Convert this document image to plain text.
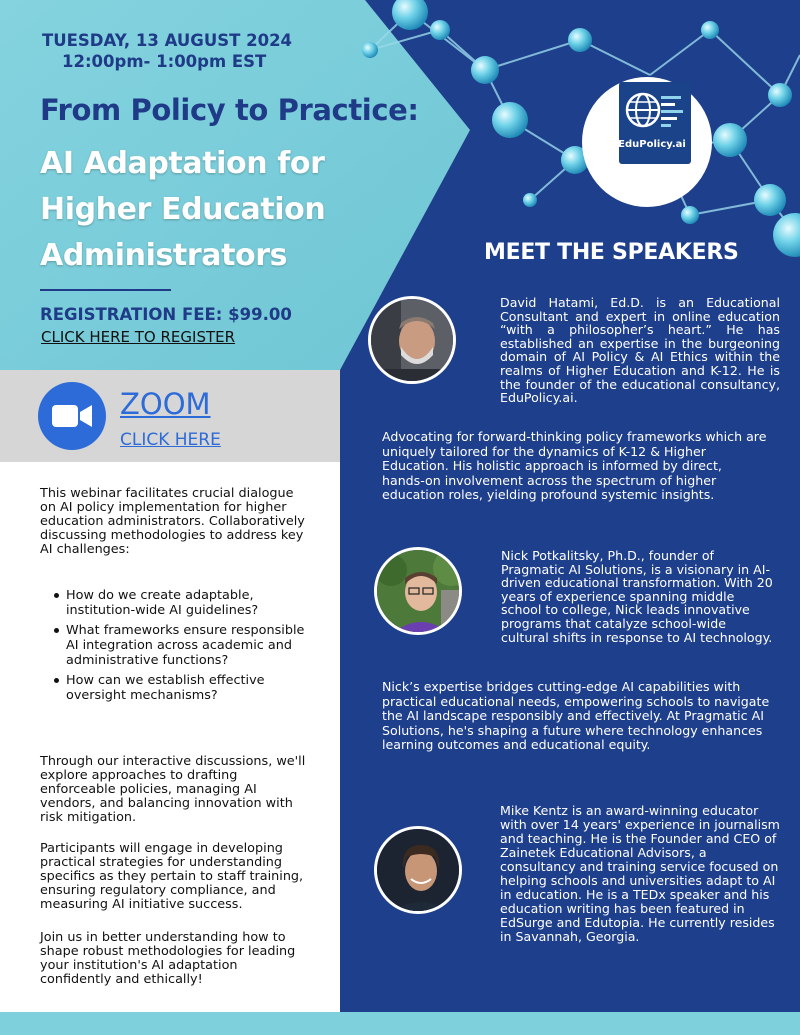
EduPolicy.ai
TUESDAY, 13 AUGUST 2024
12:00pm- 1:00pm EST
From Policy to Practice:
AI Adaptation for Higher Education Administrators
REGISTRATION FEE: $99.00
CLICK HERE TO REGISTER
ZOOM
CLICK HERE
This webinar facilitates crucial dialogue on AI policy implementation for higher education administrators. Collaboratively discussing methodologies to address key AI challenges:
How do we create adaptable, institution-wide AI guidelines?
What frameworks ensure responsible AI integration across academic and administrative functions?
How can we establish effective oversight mechanisms?
Through our interactive discussions, we'll explore approaches to drafting enforceable policies, managing AI vendors, and balancing innovation with risk mitigation.
Participants will engage in developing practical strategies for understanding specifics as they pertain to staff training, ensuring regulatory compliance, and measuring AI initiative success.
Join us in better understanding how to shape robust methodologies for leading your institution's AI adaptation confidently and ethically!
MEET THE SPEAKERS
David Hatami, Ed.D. is an Educational Consultant and expert in online education “with a philosopher’s heart.” He has established an expertise in the burgeoning domain of AI Policy & AI Ethics within the realms of Higher Education and K-12. He is the founder of the educational consultancy, EduPolicy.ai.
Advocating for forward-thinking policy frameworks which are uniquely tailored for the dynamics of K-12 & Higher Education. His holistic approach is informed by direct, hands-on involvement across the spectrum of higher education roles, yielding profound systemic insights.
Nick Potkalitsky, Ph.D., founder of Pragmatic AI Solutions, is a visionary in AI-driven educational transformation. With 20 years of experience spanning middle school to college, Nick leads innovative programs that catalyze school-wide cultural shifts in response to AI technology.
Nick’s expertise bridges cutting-edge AI capabilities with practical educational needs, empowering schools to navigate the AI landscape responsibly and effectively. At Pragmatic AI Solutions, he's shaping a future where technology enhances learning outcomes and educational equity.
Mike Kentz is an award-winning educator with over 14 years' experience in journalism and teaching. He is the Founder and CEO of Zainetek Educational Advisors, a consultancy and training service focused on helping schools and universities adapt to AI in education. He is a TEDx speaker and his education writing has been featured in EdSurge and Edutopia. He currently resides in Savannah, Georgia.
